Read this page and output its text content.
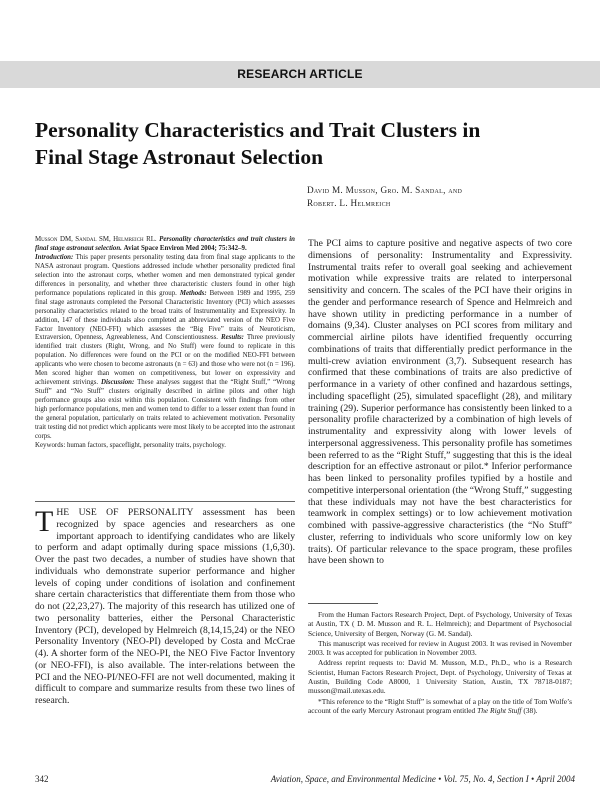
RESEARCH ARTICLE
Personality Characteristics and Trait Clusters in
Final Stage Astronaut Selection
David M. Musson, Gro. M. Sandal, and
Robert. L. Helmreich

Musson DM, Sandal SM, Helmreich RL. Personality characteristics and trait clusters in final stage astronaut selection. Aviat Space Environ Med 2004; 75:342–9.
Introduction: This paper presents personality testing data from final stage applicants to the NASA astronaut program. Questions addressed include whether personality predicted final selection into the astronaut corps, whether women and men demonstrated typical gender differences in personality, and whether three characteristic clusters found in other high performance populations replicated in this group. Methods: Between 1989 and 1995, 259 final stage astronauts completed the Personal Characteristic Inventory (PCI) which assesses personality characteristics related to the broad traits of Instrumentality and Expressivity. In addition, 147 of these individuals also completed an abbreviated version of the NEO Five Factor Inventory (NEO-FFI) which assesses the “Big Five” traits of Neuroticism, Extraversion, Openness, Agreeableness, And Conscientiousness. Results: Three previously identified trait clusters (Right, Wrong, and No Stuff) were found to replicate in this population. No differences were found on the PCI or on the modified NEO-FFI between applicants who were chosen to become astronauts (n = 63) and those who were not (n = 196). Men scored higher than women on competitiveness, but lower on expressivity and achievement strivings. Discussion: These analyses suggest that the “Right Stuff,” “Wrong Stuff” and “No Stuff” clusters originally described in airline pilots and other high performance groups also exist within this population. Consistent with findings from other high performance populations, men and women tend to differ to a lesser extent than found in the general population, particularly on traits related to achievement motivation. Personality trait testing did not predict which applicants were most likely to be accepted into the astronaut corps.
Keywords: human factors, spaceflight, personality traits, psychology.

THE USE OF PERSONALITY assessment has been recognized by space agencies and researchers as one important approach to identifying candidates who are likely to perform and adapt optimally during space missions (1,6,30). Over the past two decades, a number of studies have shown that individuals who demonstrate superior performance and higher levels of coping under conditions of isolation and confinement share certain characteristics that differentiate them from those who do not (22,23,27). The majority of this research has utilized one of two personality batteries, either the Personal Characteristic Inventory (PCI), developed by Helmreich (8,14,15,24) or the NEO Personality Inventory (NEO-PI) developed by Costa and McCrae (4). A shorter form of the NEO-PI, the NEO Five Factor Inventory (or NEO-FFI), is also available. The inter-relations between the PCI and the NEO-PI/NEO-FFI are not well documented, making it difficult to compare and summarize results from these two lines of research.

The PCI aims to capture positive and negative aspects of two core dimensions of personality: Instrumentality and Expressivity. Instrumental traits refer to overall goal seeking and achievement motivation while expressive traits are related to interpersonal sensitivity and concern. The scales of the PCI have their origins in the gender and performance research of Spence and Helmreich and have shown utility in predicting performance in a number of domains (9,34). Cluster analyses on PCI scores from military and commercial airline pilots have identified frequently occurring combinations of traits that differentially predict performance in the multi-crew aviation environment (3,7). Subsequent research has confirmed that these combinations of traits are also predictive of performance in a variety of other confined and hazardous settings, including spaceflight (25), simulated spaceflight (28), and military training (29). Superior performance has consistently been linked to a personality profile characterized by a combination of high levels of instrumentality and expressivity along with lower levels of interpersonal aggressiveness. This personality profile has sometimes been referred to as the “Right Stuff,” suggesting that this is the ideal description for an effective astronaut or pilot.* Inferior performance has been linked to personality profiles typified by a hostile and competitive interpersonal orientation (the “Wrong Stuff,” suggesting that these individuals may not have the best characteristics for teamwork in complex settings) or to low achievement motivation combined with passive-aggressive characteristics (the “No Stuff” cluster, referring to individuals who score uniformly low on key traits). Of particular relevance to the space program, these profiles have been shown to

From the Human Factors Research Project, Dept. of Psychology, University of Texas at Austin, TX ( D. M. Musson and R. L. Helmreich); and Department of Psychosocial Science, University of Bergen, Norway (G. M. Sandal).

This manuscript was received for review in August 2003. It was revised in November 2003. It was accepted for publication in November 2003.

Address reprint requests to: David M. Musson, M.D., Ph.D., who is a Research Scientist, Human Factors Research Project, Dept. of Psychology, University of Texas at Austin, Building Code A8000, 1 University Station, Austin, TX 78718-0187; musson@mail.utexas.edu.

*This reference to the “Right Stuff” is somewhat of a play on the title of Tom Wolfe’s account of the early Mercury Astronaut program entitled The Right Stuff (38).

342	Aviation, Space, and Environmental Medicine • Vol. 75, No. 4, Section I • April 2004
